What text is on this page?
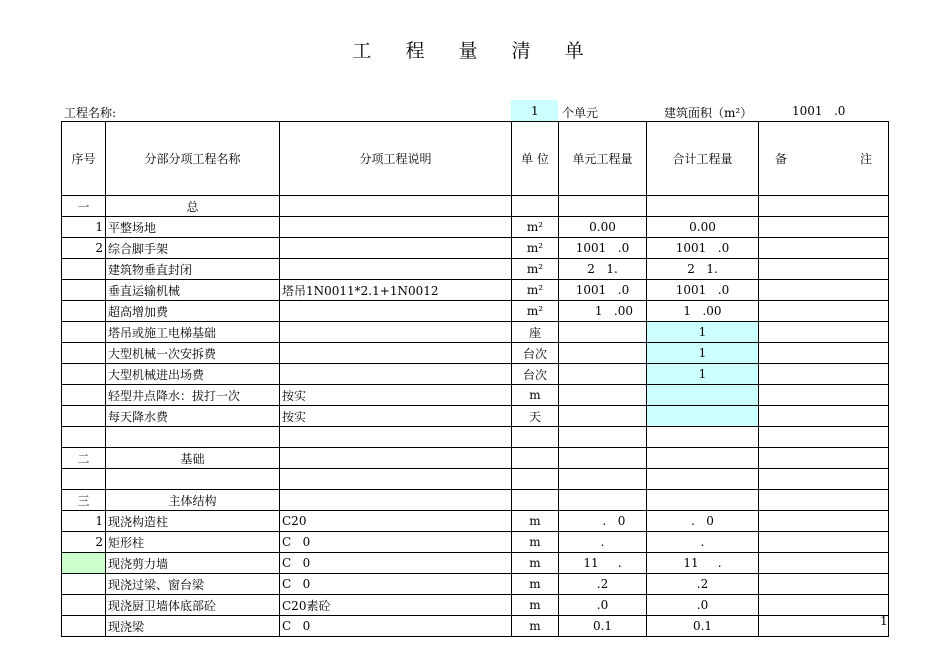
工 程 量 清 单
工程名称:	1 个单元	建筑面积（m²）	1001   .0
序号	分部分项工程名称	分项工程说明	单 位	单元工程量	合计工程量	备 注

一	总					
1	平整场地		m²	0.00	0.00	
2	综合脚手架		m²	1001   .0	1001   .0	
	建筑物垂直封闭		m²	2   1.	2   1.	
	垂直运输机械	塔吊1N0011*2.1+1N0012	m²	1001   .0	1001   .0	
	超高增加费		m²	1   .00	1   .00	
	塔吊或施工电梯基础		座		1	
	大型机械一次安拆费		台次		1	
	大型机械进出场费		台次		1	
	轻型井点降水：拔打一次	按实	m			
	每天降水费	按实	天			

二	基础					

三	主体结构					
1	现浇构造柱	C20	m	.   0	.   0	
2	矩形柱	C   0	m	.	.	
	现浇剪力墙	C   0	m	11     .	11     .	
	现浇过梁、窗台梁	C   0	m	.2	.2	
	现浇厨卫墙体底部砼	C20素砼	m	.0	.0	
	现浇梁	C   0	m	0.1	0.1		1
